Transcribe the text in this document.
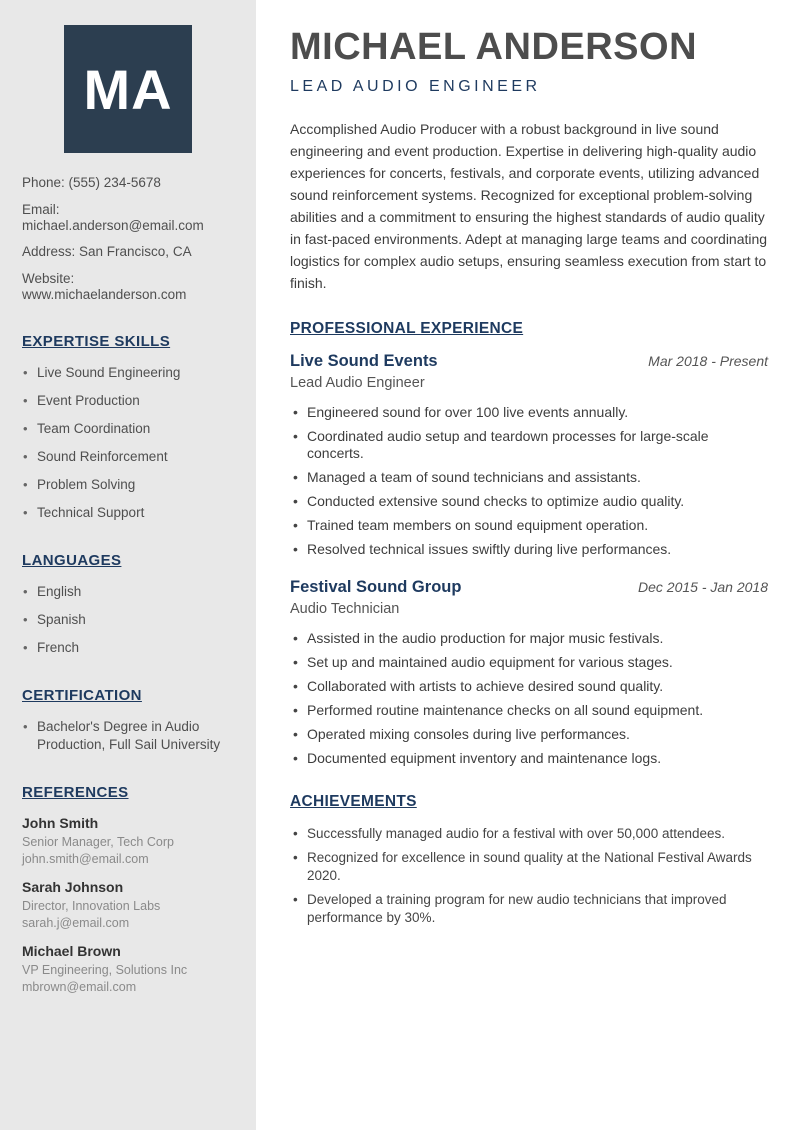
MA

Phone: (555) 234-5678

Email: michael.anderson@email.com

Address: San Francisco, CA

Website: www.michaelanderson.com

EXPERTISE SKILLS
• Live Sound Engineering
• Event Production
• Team Coordination
• Sound Reinforcement
• Problem Solving
• Technical Support
LANGUAGES
• English
• Spanish
• French
CERTIFICATION
• Bachelor's Degree in Audio Production, Full Sail University
REFERENCES
John Smith
Senior Manager, Tech Corp
john.smith@email.com
Sarah Johnson
Director, Innovation Labs
sarah.j@email.com
Michael Brown
VP Engineering, Solutions Inc
mbrown@email.com
MICHAEL ANDERSON
LEAD AUDIO ENGINEER

Accomplished Audio Producer with a robust background in live sound engineering and event production. Expertise in delivering high-quality audio experiences for concerts, festivals, and corporate events, utilizing advanced sound reinforcement systems. Recognized for exceptional problem-solving abilities and a commitment to ensuring the highest standards of audio quality in fast-paced environments. Adept at managing large teams and coordinating logistics for complex audio setups, ensuring seamless execution from start to finish.

PROFESSIONAL EXPERIENCE
Live Sound Events	Mar 2018 - Present
Lead Audio Engineer
• Engineered sound for over 100 live events annually.
• Coordinated audio setup and teardown processes for large-scale concerts.
• Managed a team of sound technicians and assistants.
• Conducted extensive sound checks to optimize audio quality.
• Trained team members on sound equipment operation.
• Resolved technical issues swiftly during live performances.
Festival Sound Group	Dec 2015 - Jan 2018
Audio Technician
• Assisted in the audio production for major music festivals.
• Set up and maintained audio equipment for various stages.
• Collaborated with artists to achieve desired sound quality.
• Performed routine maintenance checks on all sound equipment.
• Operated mixing consoles during live performances.
• Documented equipment inventory and maintenance logs.
ACHIEVEMENTS
• Successfully managed audio for a festival with over 50,000 attendees.
• Recognized for excellence in sound quality at the National Festival Awards 2020.
• Developed a training program for new audio technicians that improved performance by 30%.
